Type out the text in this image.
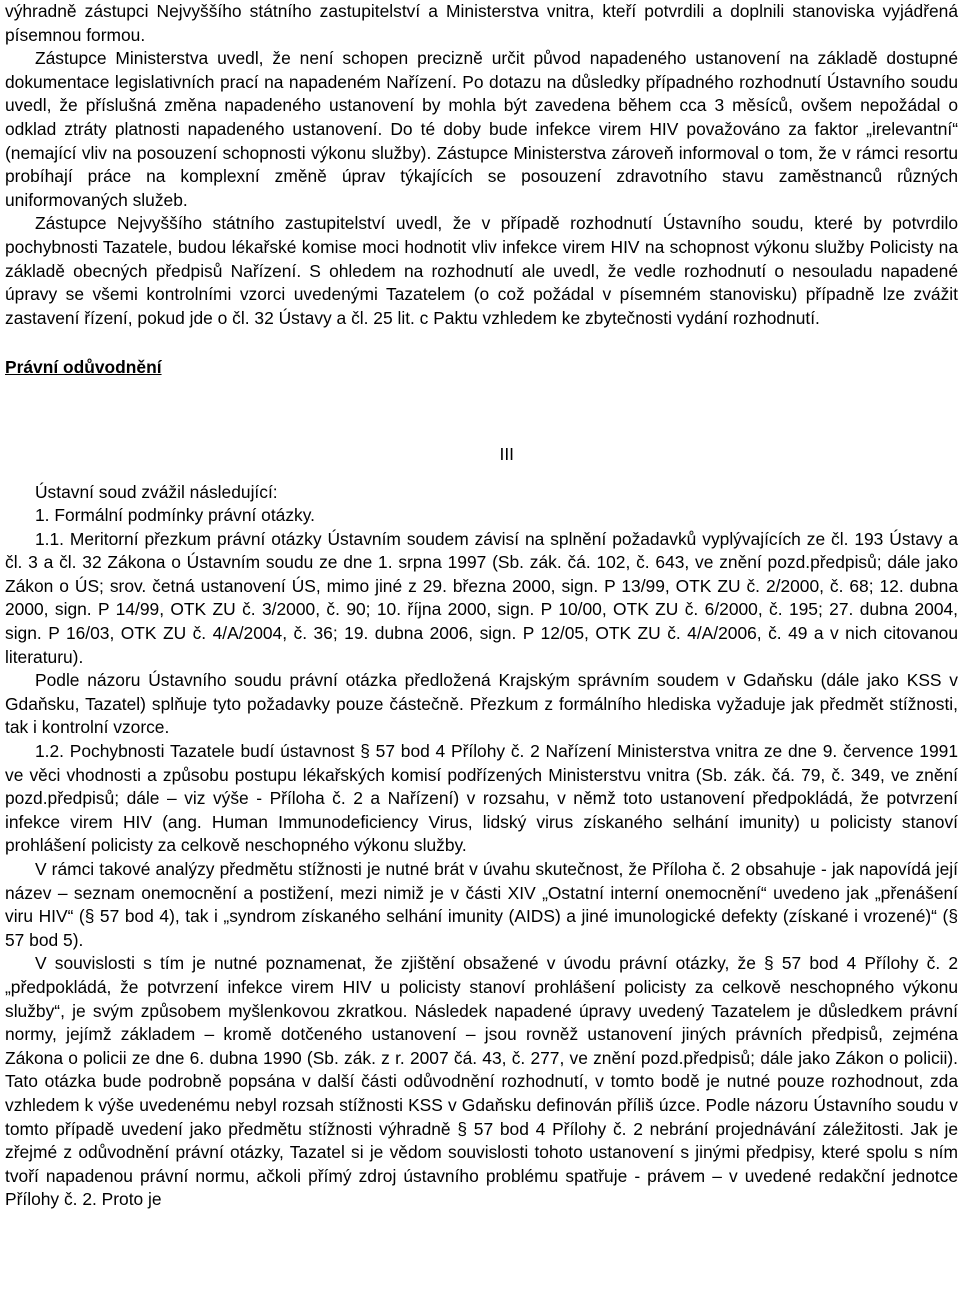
výhradně zástupci Nejvyššího státního zastupitelství a Ministerstva vnitra, kteří potvrdili a doplnili stanoviska vyjádřená písemnou formou.

Zástupce Ministerstva uvedl, že není schopen precizně určit původ napadeného ustanovení na základě dostupné dokumentace legislativních prací na napadeném Nařízení. Po dotazu na důsledky případného rozhodnutí Ústavního soudu uvedl, že příslušná změna napadeného ustanovení by mohla být zavedena během cca 3 měsíců, ovšem nepožádal o odklad ztráty platnosti napadeného ustanovení. Do té doby bude infekce virem HIV považováno za faktor „irelevantní“ (nemající vliv na posouzení schopnosti výkonu služby). Zástupce Ministerstva zároveň informoval o tom, že v rámci resortu probíhají práce na komplexní změně úprav týkajících se posouzení zdravotního stavu zaměstnanců různých uniformovaných služeb.

Zástupce Nejvyššího státního zastupitelství uvedl, že v případě rozhodnutí Ústavního soudu, které by potvrdilo pochybnosti Tazatele, budou lékařské komise moci hodnotit vliv infekce virem HIV na schopnost výkonu služby Policisty na základě obecných předpisů Nařízení. S ohledem na rozhodnutí ale uvedl, že vedle rozhodnutí o nesouladu napadené úpravy se všemi kontrolními vzorci uvedenými Tazatelem (o což požádal v písemném stanovisku) případně lze zvážit zastavení řízení, pokud jde o čl. 32 Ústavy a čl. 25 lit. c Paktu vzhledem ke zbytečnosti vydání rozhodnutí.

Právní odůvodnění

III

Ústavní soud zvážil následující:

1. Formální podmínky právní otázky.

1.1. Meritorní přezkum právní otázky Ústavním soudem závisí na splnění požadavků vyplývajících ze čl. 193 Ústavy a čl. 3 a čl. 32 Zákona o Ústavním soudu ze dne 1. srpna 1997 (Sb. zák. čá. 102, č. 643, ve znění pozd.předpisů; dále jako Zákon o ÚS; srov. četná ustanovení ÚS, mimo jiné z 29. března 2000, sign. P 13/99, OTK ZU č. 2/2000, č. 68; 12. dubna 2000, sign. P 14/99, OTK ZU č. 3/2000, č. 90; 10. října 2000, sign. P 10/00, OTK ZU č. 6/2000, č. 195; 27. dubna 2004, sign. P 16/03, OTK ZU č. 4/A/2004, č. 36; 19. dubna 2006, sign. P 12/05, OTK ZU č. 4/A/2006, č. 49 a v nich citovanou literaturu).

Podle názoru Ústavního soudu právní otázka předložená Krajským správním soudem v Gdaňsku (dále jako KSS v Gdaňsku, Tazatel) splňuje tyto požadavky pouze částečně. Přezkum z formálního hlediska vyžaduje jak předmět stížnosti, tak i kontrolní vzorce.

1.2. Pochybnosti Tazatele budí ústavnost § 57 bod 4 Přílohy č. 2 Nařízení Ministerstva vnitra ze dne 9. července 1991 ve věci vhodnosti a způsobu postupu lékařských komisí podřízených Ministerstvu vnitra (Sb. zák. čá. 79, č. 349, ve znění pozd.předpisů; dále – viz výše - Příloha č. 2 a Nařízení) v rozsahu, v němž toto ustanovení předpokládá, že potvrzení infekce virem HIV (ang. Human Immunodeficiency Virus, lidský virus získaného selhání imunity) u policisty stanoví prohlášení policisty za celkově neschopného výkonu služby.

V rámci takové analýzy předmětu stížnosti je nutné brát v úvahu skutečnost, že Příloha č. 2 obsahuje - jak napovídá její název – seznam onemocnění a postižení, mezi nimiž je v části XIV „Ostatní interní onemocnění“ uvedeno jak „přenášení viru HIV“ (§ 57 bod 4), tak i „syndrom získaného selhání imunity (AIDS) a jiné imunologické defekty (získané i vrozené)“ (§ 57 bod 5).

V souvislosti s tím je nutné poznamenat, že zjištění obsažené v úvodu právní otázky, že § 57 bod 4 Přílohy č. 2 „předpokládá, že potvrzení infekce virem HIV u policisty stanoví prohlášení policisty za celkově neschopného výkonu služby“, je svým způsobem myšlenkovou zkratkou. Následek napadené úpravy uvedený Tazatelem je důsledkem právní normy, jejímž základem – kromě dotčeného ustanovení – jsou rovněž ustanovení jiných právních předpisů, zejména Zákona o policii ze dne 6. dubna 1990 (Sb. zák. z r. 2007 čá. 43, č. 277, ve znění pozd.předpisů; dále jako Zákon o policii). Tato otázka bude podrobně popsána v další části odůvodnění rozhodnutí, v tomto bodě je nutné pouze rozhodnout, zda vzhledem k výše uvedenému nebyl rozsah stížnosti KSS v Gdaňsku definován příliš úzce. Podle názoru Ústavního soudu v tomto případě uvedení jako předmětu stížnosti výhradně § 57 bod 4 Přílohy č. 2 nebrání projednávání záležitosti. Jak je zřejmé z odůvodnění právní otázky, Tazatel si je vědom souvislosti tohoto ustanovení s jinými předpisy, které spolu s ním tvoří napadenou právní normu, ačkoli přímý zdroj ústavního problému spatřuje - právem – v uvedené redakční jednotce Přílohy č. 2. Proto je
